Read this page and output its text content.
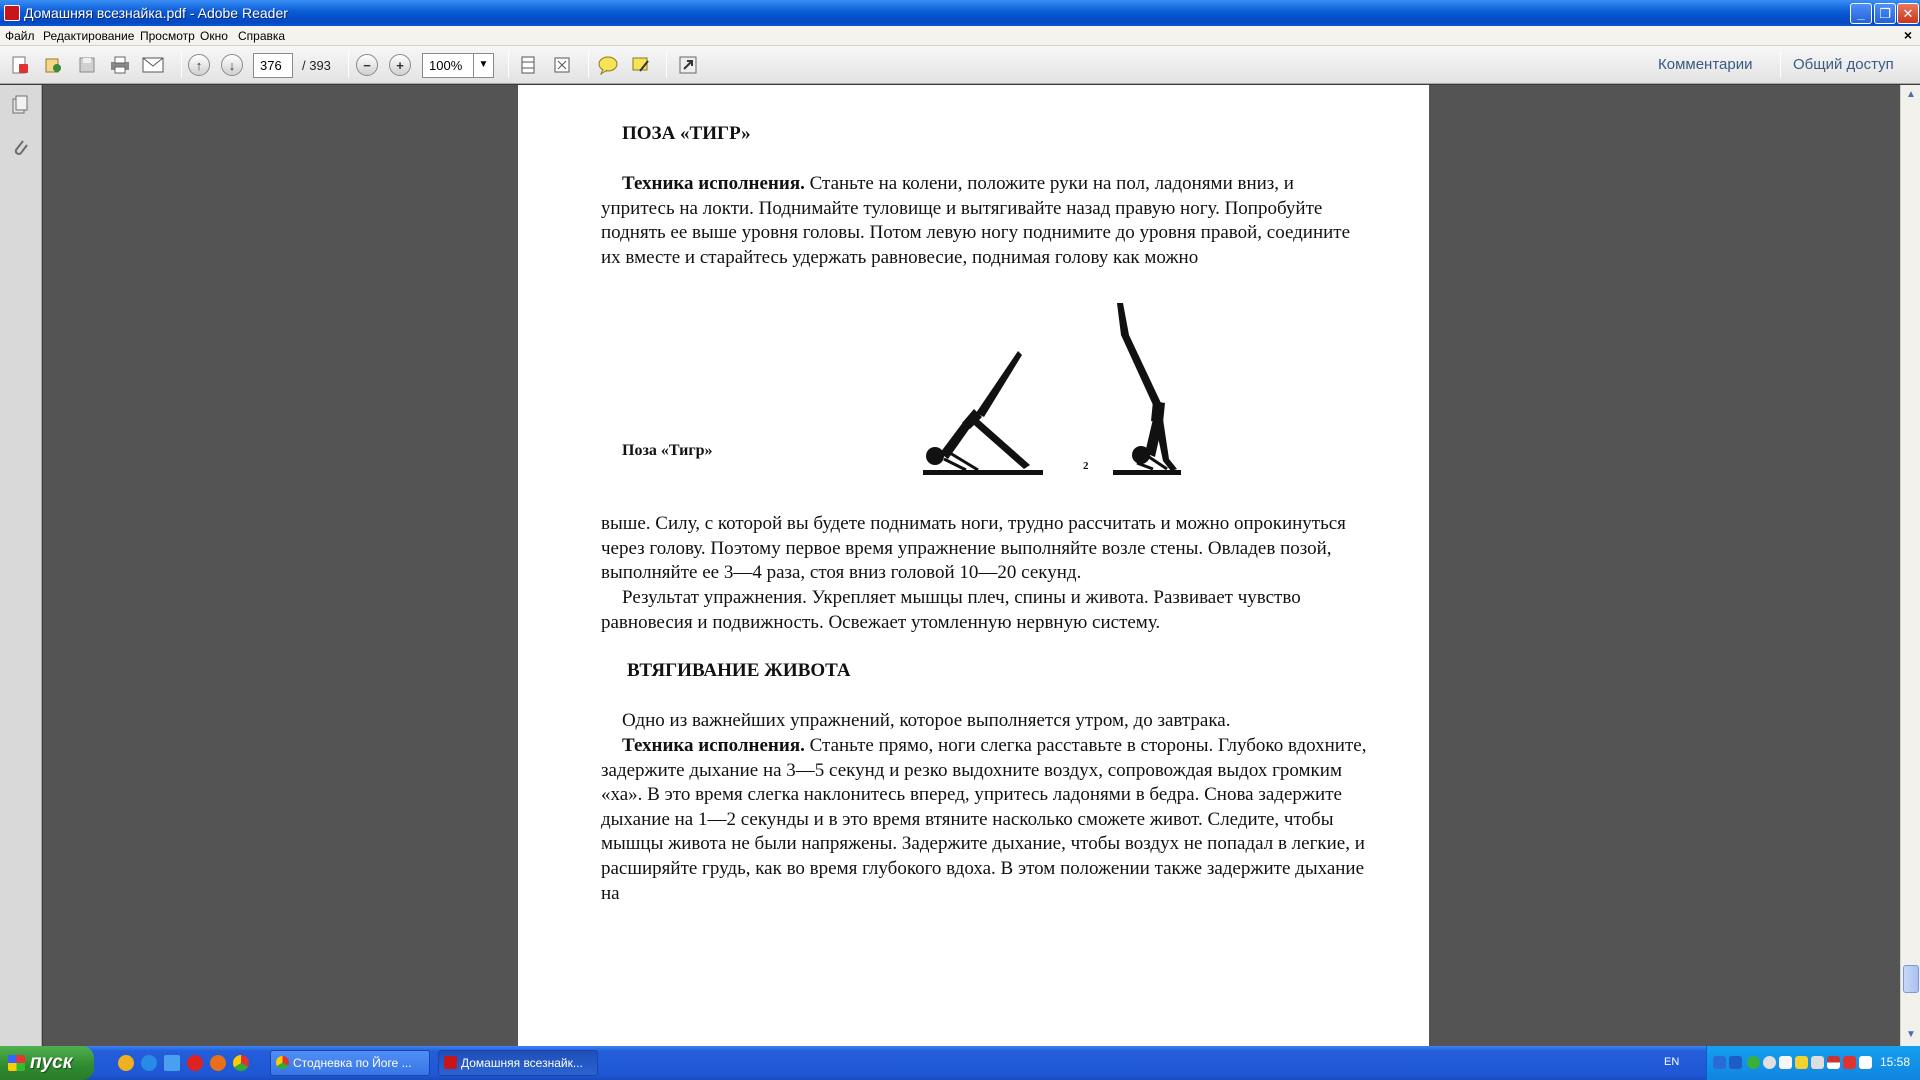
Домашняя всезнайка.pdf - Adobe Reader	_	❐ ✕
Файл Редактирование Просмотр Окно Справка	×
↑	↓
376	/ 393	−	+
100%	▼	Комментарии	Общий доступ
ПОЗА «ТИГР»
Техника исполнения. Станьте на колени, положите руки на пол, ладонями вниз, и упритесь на локти. Поднимайте туловище и вытягивайте назад правую ногу. Попробуйте поднять ее выше уровня головы. Потом левую ногу поднимите до уровня правой, соедините их вместе и старайтесь удержать равновесие, поднимая голову как можно
Поза «Тигр»
2
выше. Силу, с которой вы будете поднимать ноги, трудно рассчитать и можно опрокинуться через голову. Поэтому первое время упражнение выполняйте возле стены. Овладев позой, выполняйте ее 3—4 раза, стоя вниз головой 10—20 секунд.
Результат упражнения. Укрепляет мышцы плеч, спины и живота. Развивает чувство равновесия и подвижность. Освежает утомленную нервную систему.
ВТЯГИВАНИЕ ЖИВОТА
Одно из важнейших упражнений, которое выполняется утром, до завтрака.
Техника исполнения. Станьте прямо, ноги слегка расставьте в стороны. Глубоко вдохните, задержите дыхание на 3—5 секунд и резко выдохните воздух, сопровождая выдох громким «ха». В это время слегка наклонитесь вперед, упритесь ладонями в бедра. Снова задержите дыхание на 1—2 секунды и в это время втяните насколько сможете живот. Следите, чтобы мышцы живота не были напряжены. Задержите дыхание, чтобы воздух не попадал в легкие, и расширяйте грудь, как во время глубокого вдоха. В этом положении также задержите дыхание на
▲
▼
пуск	Стодневка по Йоге ...	Домашняя всезнайк...	EN	15:58
